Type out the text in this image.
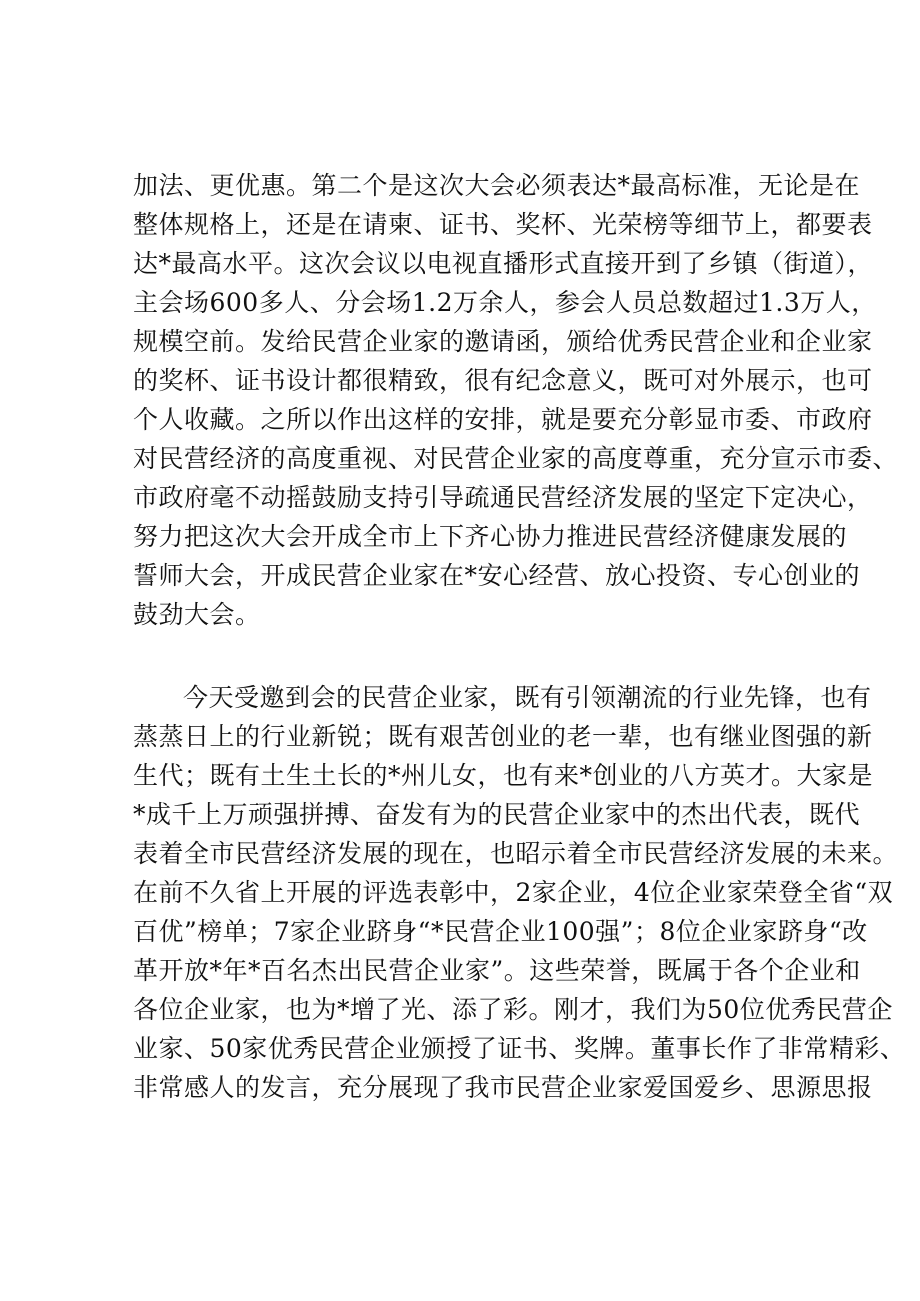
加法、更优惠。第二个是这次大会必须表达*最高标准，无论是在
整体规格上，还是在请柬、证书、奖杯、光荣榜等细节上，都要表
达*最高水平。这次会议以电视直播形式直接开到了乡镇（街道），
主会场600多人、分会场1.2万余人，参会人员总数超过1.3万人，
规模空前。发给民营企业家的邀请函，颁给优秀民营企业和企业家
的奖杯、证书设计都很精致，很有纪念意义，既可对外展示，也可
个人收藏。之所以作出这样的安排，就是要充分彰显市委、市政府
对民营经济的高度重视、对民营企业家的高度尊重，充分宣示市委、
市政府毫不动摇鼓励支持引导疏通民营经济发展的坚定下定决心，
努力把这次大会开成全市上下齐心协力推进民营经济健康发展的
誓师大会，开成民营企业家在*安心经营、放心投资、专心创业的
鼓劲大会。
今天受邀到会的民营企业家，既有引领潮流的行业先锋，也有
蒸蒸日上的行业新锐；既有艰苦创业的老一辈，也有继业图强的新
生代；既有土生土长的*州儿女，也有来*创业的八方英才。大家是
*成千上万顽强拼搏、奋发有为的民营企业家中的杰出代表，既代
表着全市民营经济发展的现在，也昭示着全市民营经济发展的未来。
在前不久省上开展的评选表彰中，2家企业，4位企业家荣登全省“双
百优”榜单；7家企业跻身“*民营企业100强”；8位企业家跻身“改
革开放*年*百名杰出民营企业家”。这些荣誉，既属于各个企业和
各位企业家，也为*增了光、添了彩。刚才，我们为50位优秀民营企
业家、50家优秀民营企业颁授了证书、奖牌。董事长作了非常精彩、
非常感人的发言，充分展现了我市民营企业家爱国爱乡、思源思报
